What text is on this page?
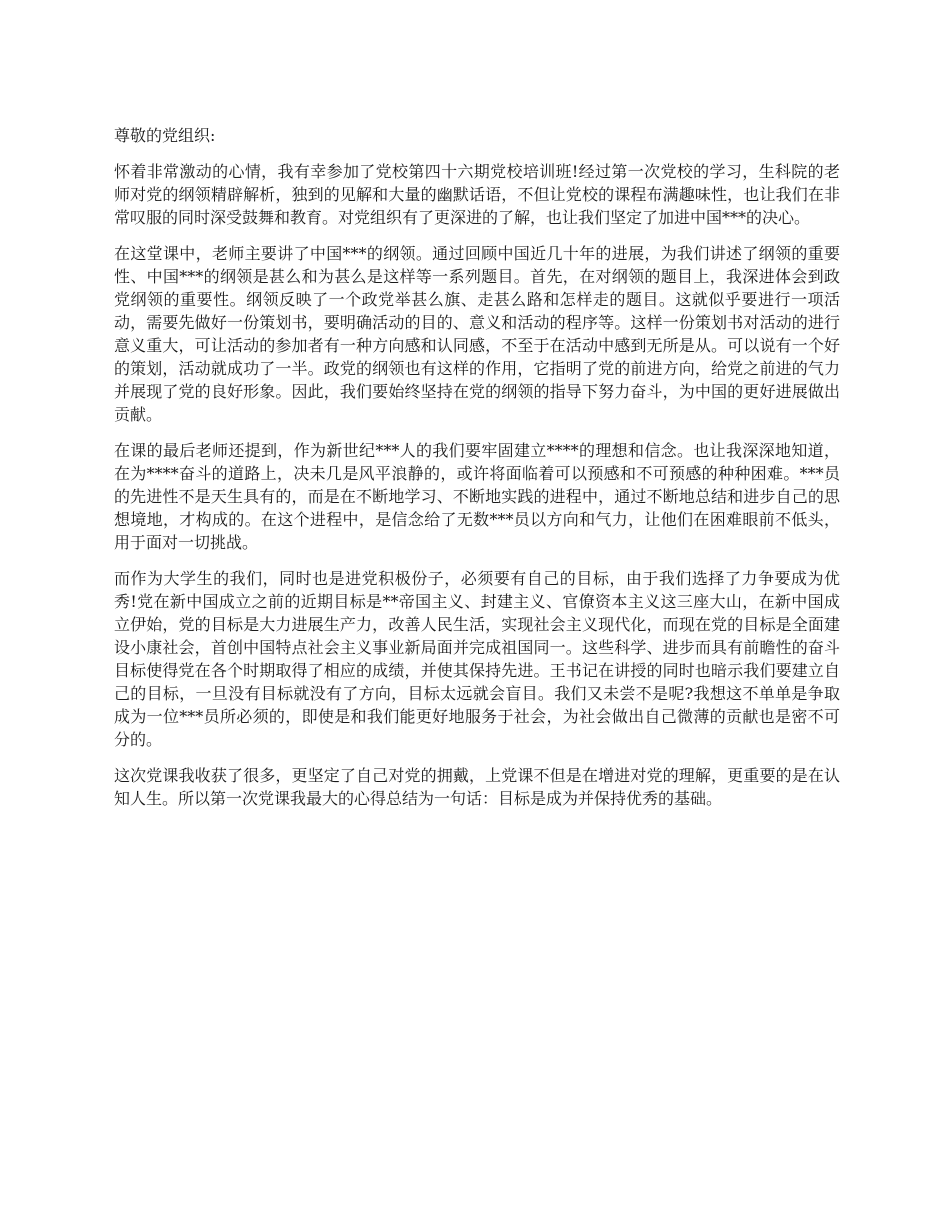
尊敬的党组织:

怀着非常激动的心情，我有幸参加了党校第四十六期党校培训班!经过第一次党校的学习，生科院的老师对党的纲领精辟解析，独到的见解和大量的幽默话语，不但让党校的课程布满趣味性，也让我们在非常叹服的同时深受鼓舞和教育。对党组织有了更深进的了解，也让我们坚定了加进中国***的决心。

在这堂课中，老师主要讲了中国***的纲领。通过回顾中国近几十年的进展，为我们讲述了纲领的重要性、中国***的纲领是甚么和为甚么是这样等一系列题目。首先，在对纲领的题目上，我深进体会到政党纲领的重要性。纲领反映了一个政党举甚么旗、走甚么路和怎样走的题目。这就似乎要进行一项活动，需要先做好一份策划书，要明确活动的目的、意义和活动的程序等。这样一份策划书对活动的进行意义重大，可让活动的参加者有一种方向感和认同感，不至于在活动中感到无所是从。可以说有一个好的策划，活动就成功了一半。政党的纲领也有这样的作用，它指明了党的前进方向，给党之前进的气力并展现了党的良好形象。因此，我们要始终坚持在党的纲领的指导下努力奋斗，为中国的更好进展做出贡献。

在课的最后老师还提到，作为新世纪***人的我们要牢固建立****的理想和信念。也让我深深地知道，在为****奋斗的道路上，决未几是风平浪静的，或许将面临着可以预感和不可预感的种种困难。***员的先进性不是天生具有的，而是在不断地学习、不断地实践的进程中，通过不断地总结和进步自己的思想境地，才构成的。在这个进程中，是信念给了无数***员以方向和气力，让他们在困难眼前不低头，用于面对一切挑战。

而作为大学生的我们，同时也是进党积极份子，必须要有自己的目标，由于我们选择了力争要成为优秀!党在新中国成立之前的近期目标是**帝国主义、封建主义、官僚资本主义这三座大山，在新中国成立伊始，党的目标是大力进展生产力，改善人民生活，实现社会主义现代化，而现在党的目标是全面建设小康社会，首创中国特点社会主义事业新局面并完成祖国同一。这些科学、进步而具有前瞻性的奋斗目标使得党在各个时期取得了相应的成绩，并使其保持先进。王书记在讲授的同时也暗示我们要建立自己的目标，一旦没有目标就没有了方向，目标太远就会盲目。我们又未尝不是呢?我想这不单单是争取成为一位***员所必须的，即使是和我们能更好地服务于社会，为社会做出自己微薄的贡献也是密不可分的。

这次党课我收获了很多，更坚定了自己对党的拥戴，上党课不但是在增进对党的理解，更重要的是在认知人生。所以第一次党课我最大的心得总结为一句话：目标是成为并保持优秀的基础。
